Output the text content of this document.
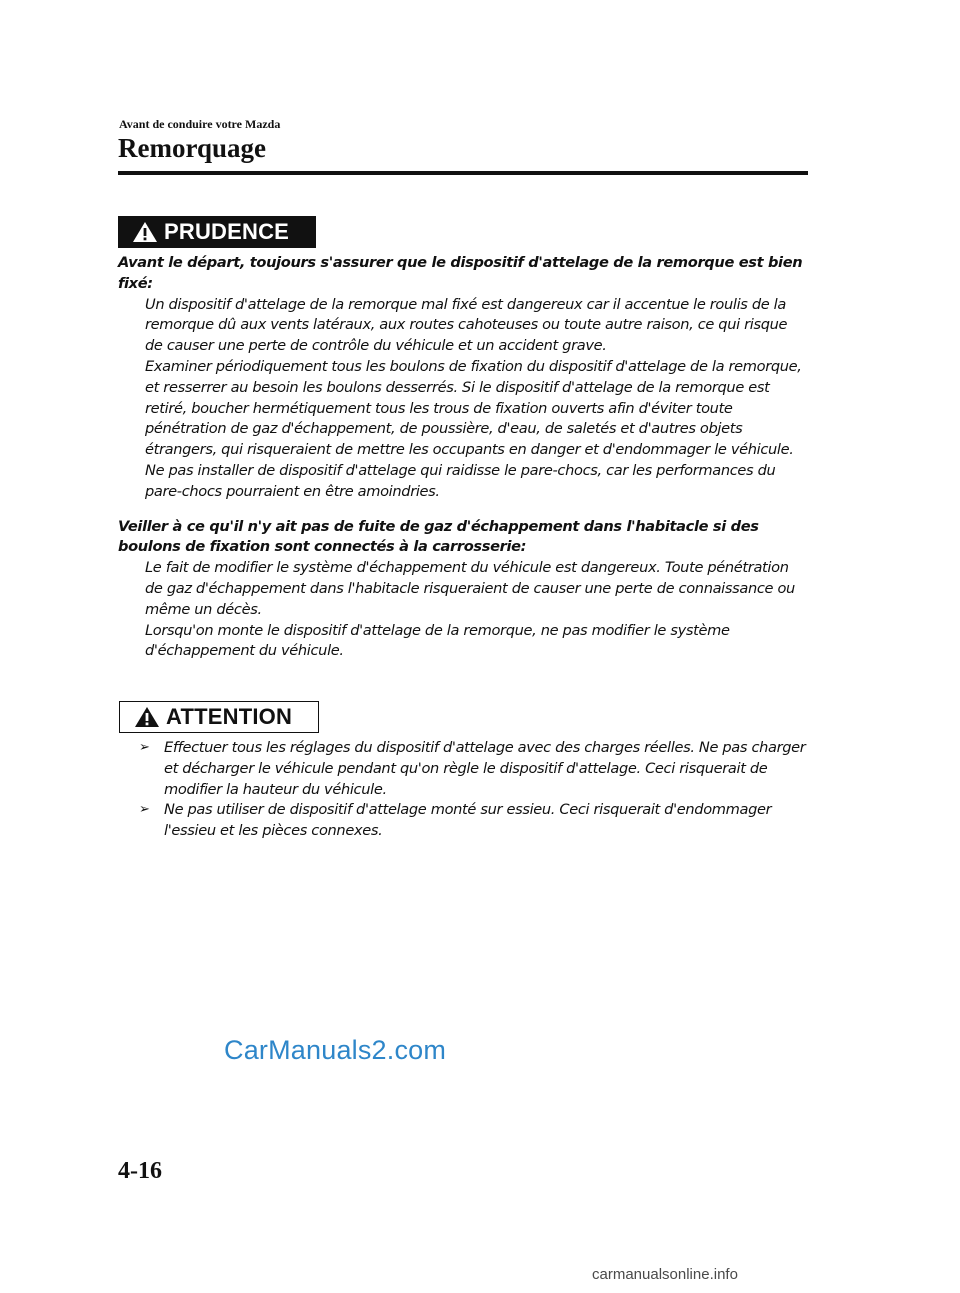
Avant de conduire votre Mazda
Remorquage
PRUDENCE

Avant le départ, toujours s'assurer que le dispositif d'attelage de la remorque est bien fixé:

Un dispositif d'attelage de la remorque mal fixé est dangereux car il accentue le roulis de la remorque dû aux vents latéraux, aux routes cahoteuses ou toute autre raison, ce qui risque de causer une perte de contrôle du véhicule et un accident grave.

Examiner périodiquement tous les boulons de fixation du dispositif d'attelage de la remorque, et resserrer au besoin les boulons desserrés. Si le dispositif d'attelage de la remorque est retiré, boucher hermétiquement tous les trous de fixation ouverts afin d'éviter toute pénétration de gaz d'échappement, de poussière, d'eau, de saletés et d'autres objets étrangers, qui risqueraient de mettre les occupants en danger et d'endommager le véhicule.

Ne pas installer de dispositif d'attelage qui raidisse le pare-chocs, car les performances du pare-chocs pourraient en être amoindries.

Veiller à ce qu'il n'y ait pas de fuite de gaz d'échappement dans l'habitacle si des boulons de fixation sont connectés à la carrosserie:

Le fait de modifier le système d'échappement du véhicule est dangereux. Toute pénétration de gaz d'échappement dans l'habitacle risqueraient de causer une perte de connaissance ou même un décès.

Lorsqu'on monte le dispositif d'attelage de la remorque, ne pas modifier le système d'échappement du véhicule.

ATTENTION
➢ Effectuer tous les réglages du dispositif d'attelage avec des charges réelles. Ne pas charger et décharger le véhicule pendant qu'on règle le dispositif d'attelage. Ceci risquerait de modifier la hauteur du véhicule.
➢ Ne pas utiliser de dispositif d'attelage monté sur essieu. Ceci risquerait d'endommager l'essieu et les pièces connexes.
CarManuals2.com
4-16
carmanualsonline.info
